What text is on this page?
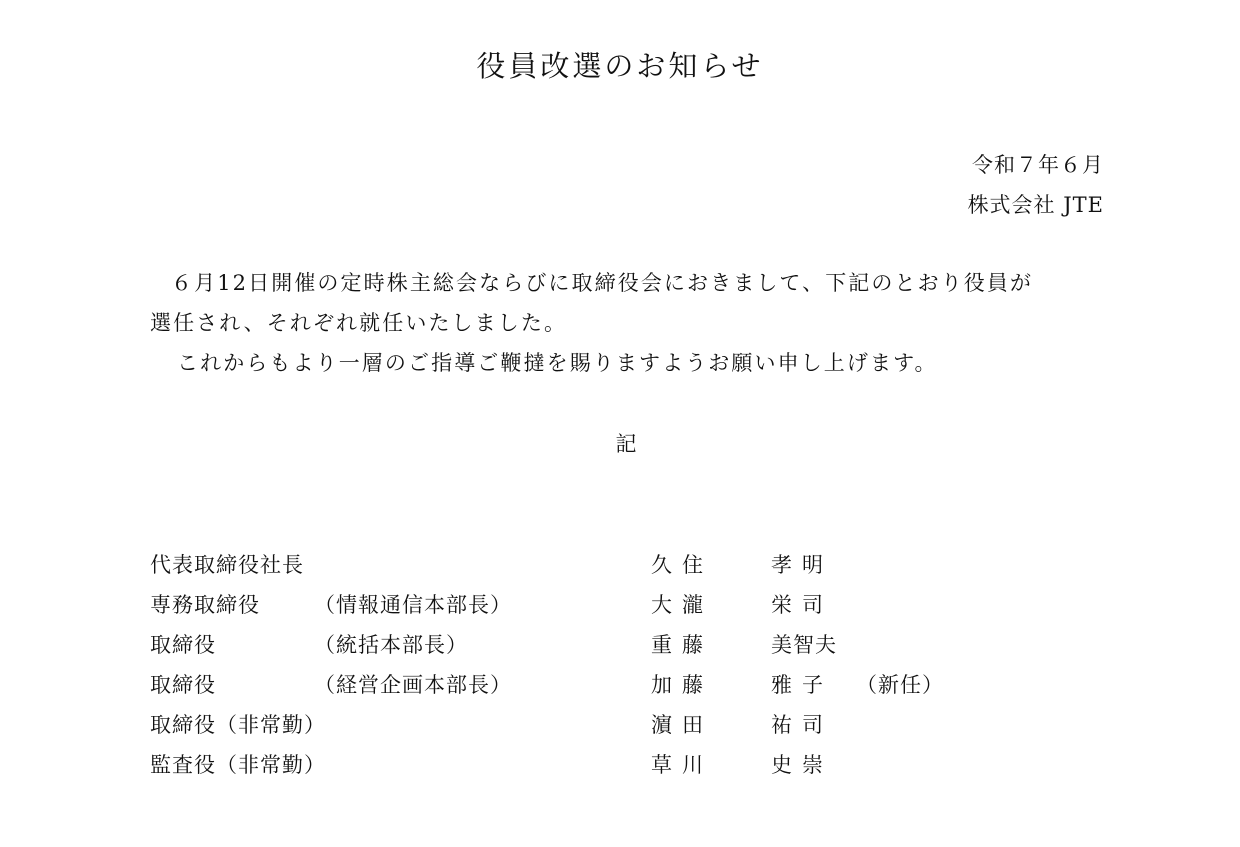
役員改選のお知らせ
令和７年６月
株式会社 JTE
６月12日開催の定時株主総会ならびに取締役会におきまして、下記のとおり役員が
選任され、それぞれ就任いたしました。
これからもより一層のご指導ご鞭撻を賜りますようお願い申し上げます。
記
代表取締役社長	久住	孝明
専務取締役	（情報通信本部長）	大瀧	栄司
取締役	（統括本部長）	重藤	美智夫
取締役	（経営企画本部長）	加藤	雅子 （新任）
取締役（非常勤）	濵田	祐司
監査役（非常勤）	草川	史崇
